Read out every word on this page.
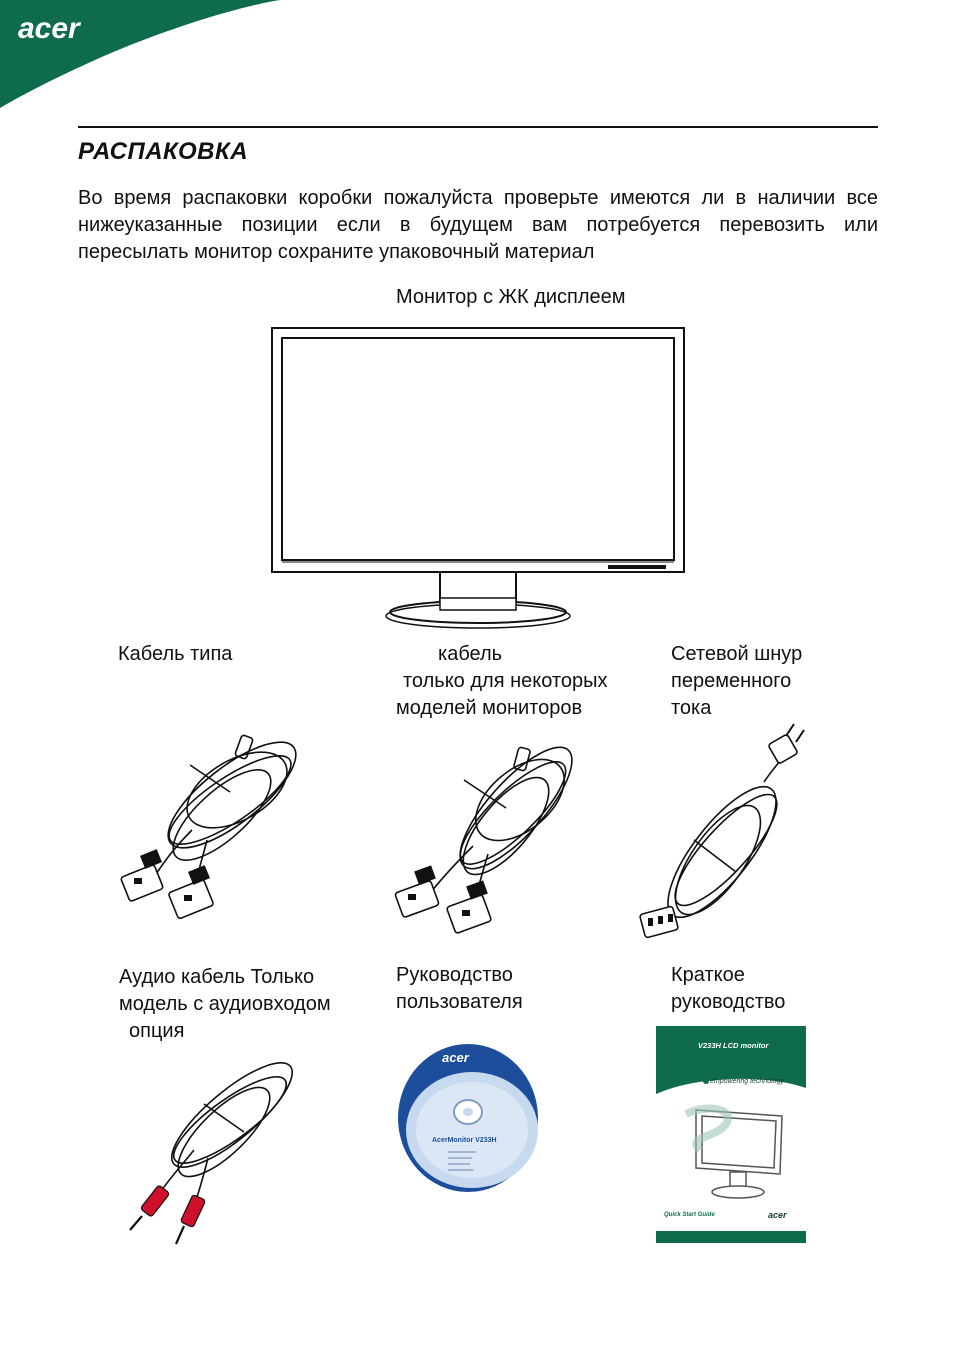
acer
РАСПАКОВКА
Во время распаковки коробки пожалуйста проверьте имеются ли в наличии все нижеуказанные позиции если в будущем вам потребуется перевозить или пересылать монитор сохраните упаковочный материал
Монитор с ЖК дисплеем
Кабель типа	кабель
только для некоторых
моделей мониторов
Сетевой шнур
переменного
тока
Аудио кабель Только
модель с аудиовходом
опция
Руководство
пользователя
Краткое
руководство
acer
AcerMonitor V233H
V233H LCD monitor
empowering technology
Quick Start Guide	acer
